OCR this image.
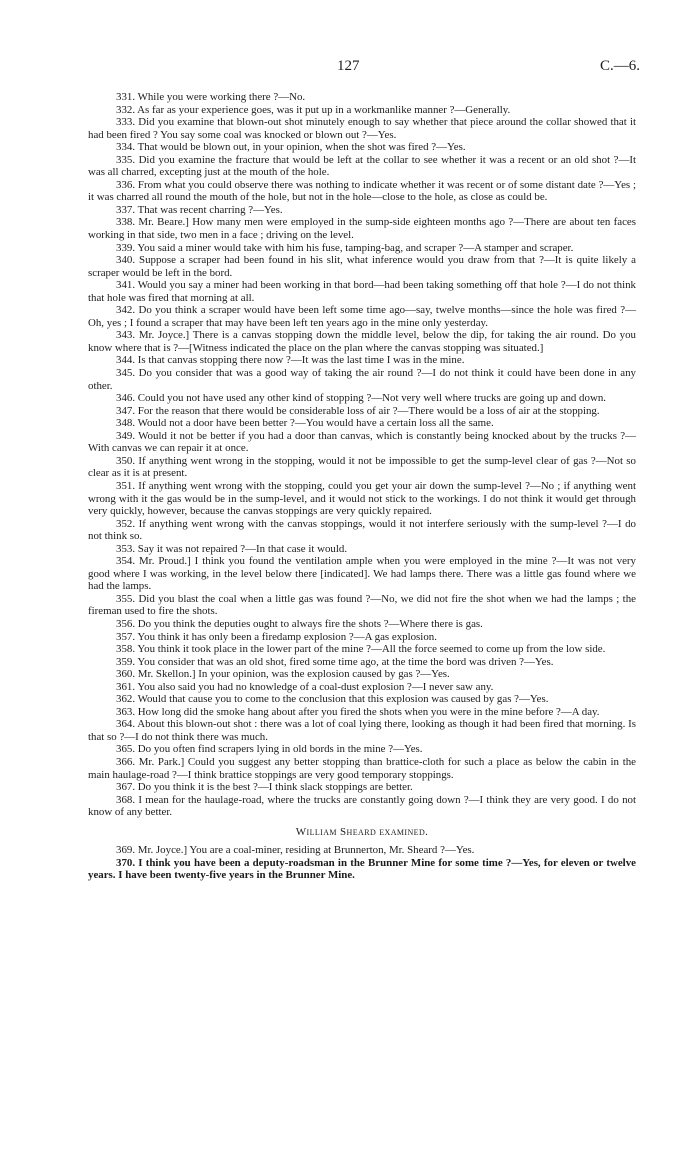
127	C.—6.

331. While you were working there ?—No.

332. As far as your experience goes, was it put up in a workmanlike manner ?—Generally.

333. Did you examine that blown-out shot minutely enough to say whether that piece around the collar showed that it had been fired ? You say some coal was knocked or blown out ?—Yes.

334. That would be blown out, in your opinion, when the shot was fired ?—Yes.

335. Did you examine the fracture that would be left at the collar to see whether it was a recent or an old shot ?—It was all charred, excepting just at the mouth of the hole.

336. From what you could observe there was nothing to indicate whether it was recent or of some distant date ?—Yes ; it was charred all round the mouth of the hole, but not in the hole—close to the hole, as close as could be.

337. That was recent charring ?—Yes.

338. Mr. Beare.] How many men were employed in the sump-side eighteen months ago ?—There are about ten faces working in that side, two men in a face ; driving on the level.

339. You said a miner would take with him his fuse, tamping-bag, and scraper ?—A stamper and scraper.

340. Suppose a scraper had been found in his slit, what inference would you draw from that ?—It is quite likely a scraper would be left in the bord.

341. Would you say a miner had been working in that bord—had been taking something off that hole ?—I do not think that hole was fired that morning at all.

342. Do you think a scraper would have been left some time ago—say, twelve months—since the hole was fired ?—Oh, yes ; I found a scraper that may have been left ten years ago in the mine only yesterday.

343. Mr. Joyce.] There is a canvas stopping down the middle level, below the dip, for taking the air round. Do you know where that is ?—[Witness indicated the place on the plan where the canvas stopping was situated.]

344. Is that canvas stopping there now ?—It was the last time I was in the mine.

345. Do you consider that was a good way of taking the air round ?—I do not think it could have been done in any other.

346. Could you not have used any other kind of stopping ?—Not very well where trucks are going up and down.

347. For the reason that there would be considerable loss of air ?—There would be a loss of air at the stopping.

348. Would not a door have been better ?—You would have a certain loss all the same.

349. Would it not be better if you had a door than canvas, which is constantly being knocked about by the trucks ?—With canvas we can repair it at once.

350. If anything went wrong in the stopping, would it not be impossible to get the sump-level clear of gas ?—Not so clear as it is at present.

351. If anything went wrong with the stopping, could you get your air down the sump-level ?—No ; if anything went wrong with it the gas would be in the sump-level, and it would not stick to the workings. I do not think it would get through very quickly, however, because the canvas stoppings are very quickly repaired.

352. If anything went wrong with the canvas stoppings, would it not interfere seriously with the sump-level ?—I do not think so.

353. Say it was not repaired ?—In that case it would.

354. Mr. Proud.] I think you found the ventilation ample when you were employed in the mine ?—It was not very good where I was working, in the level below there [indicated]. We had lamps there. There was a little gas found where we had the lamps.

355. Did you blast the coal when a little gas was found ?—No, we did not fire the shot when we had the lamps ; the fireman used to fire the shots.

356. Do you think the deputies ought to always fire the shots ?—Where there is gas.

357. You think it has only been a firedamp explosion ?—A gas explosion.

358. You think it took place in the lower part of the mine ?—All the force seemed to come up from the low side.

359. You consider that was an old shot, fired some time ago, at the time the bord was driven ?—Yes.

360. Mr. Skellon.] In your opinion, was the explosion caused by gas ?—Yes.

361. You also said you had no knowledge of a coal-dust explosion ?—I never saw any.

362. Would that cause you to come to the conclusion that this explosion was caused by gas ?—Yes.

363. How long did the smoke hang about after you fired the shots when you were in the mine before ?—A day.

364. About this blown-out shot : there was a lot of coal lying there, looking as though it had been fired that morning. Is that so ?—I do not think there was much.

365. Do you often find scrapers lying in old bords in the mine ?—Yes.

366. Mr. Park.] Could you suggest any better stopping than brattice-cloth for such a place as below the cabin in the main haulage-road ?—I think brattice stoppings are very good temporary stoppings.

367. Do you think it is the best ?—I think slack stoppings are better.

368. I mean for the haulage-road, where the trucks are constantly going down ?—I think they are very good. I do not know of any better.

William Sheard examined.

369. Mr. Joyce.] You are a coal-miner, residing at Brunnerton, Mr. Sheard ?—Yes.

370. I think you have been a deputy-roadsman in the Brunner Mine for some time ?—Yes, for eleven or twelve years. I have been twenty-five years in the Brunner Mine.
